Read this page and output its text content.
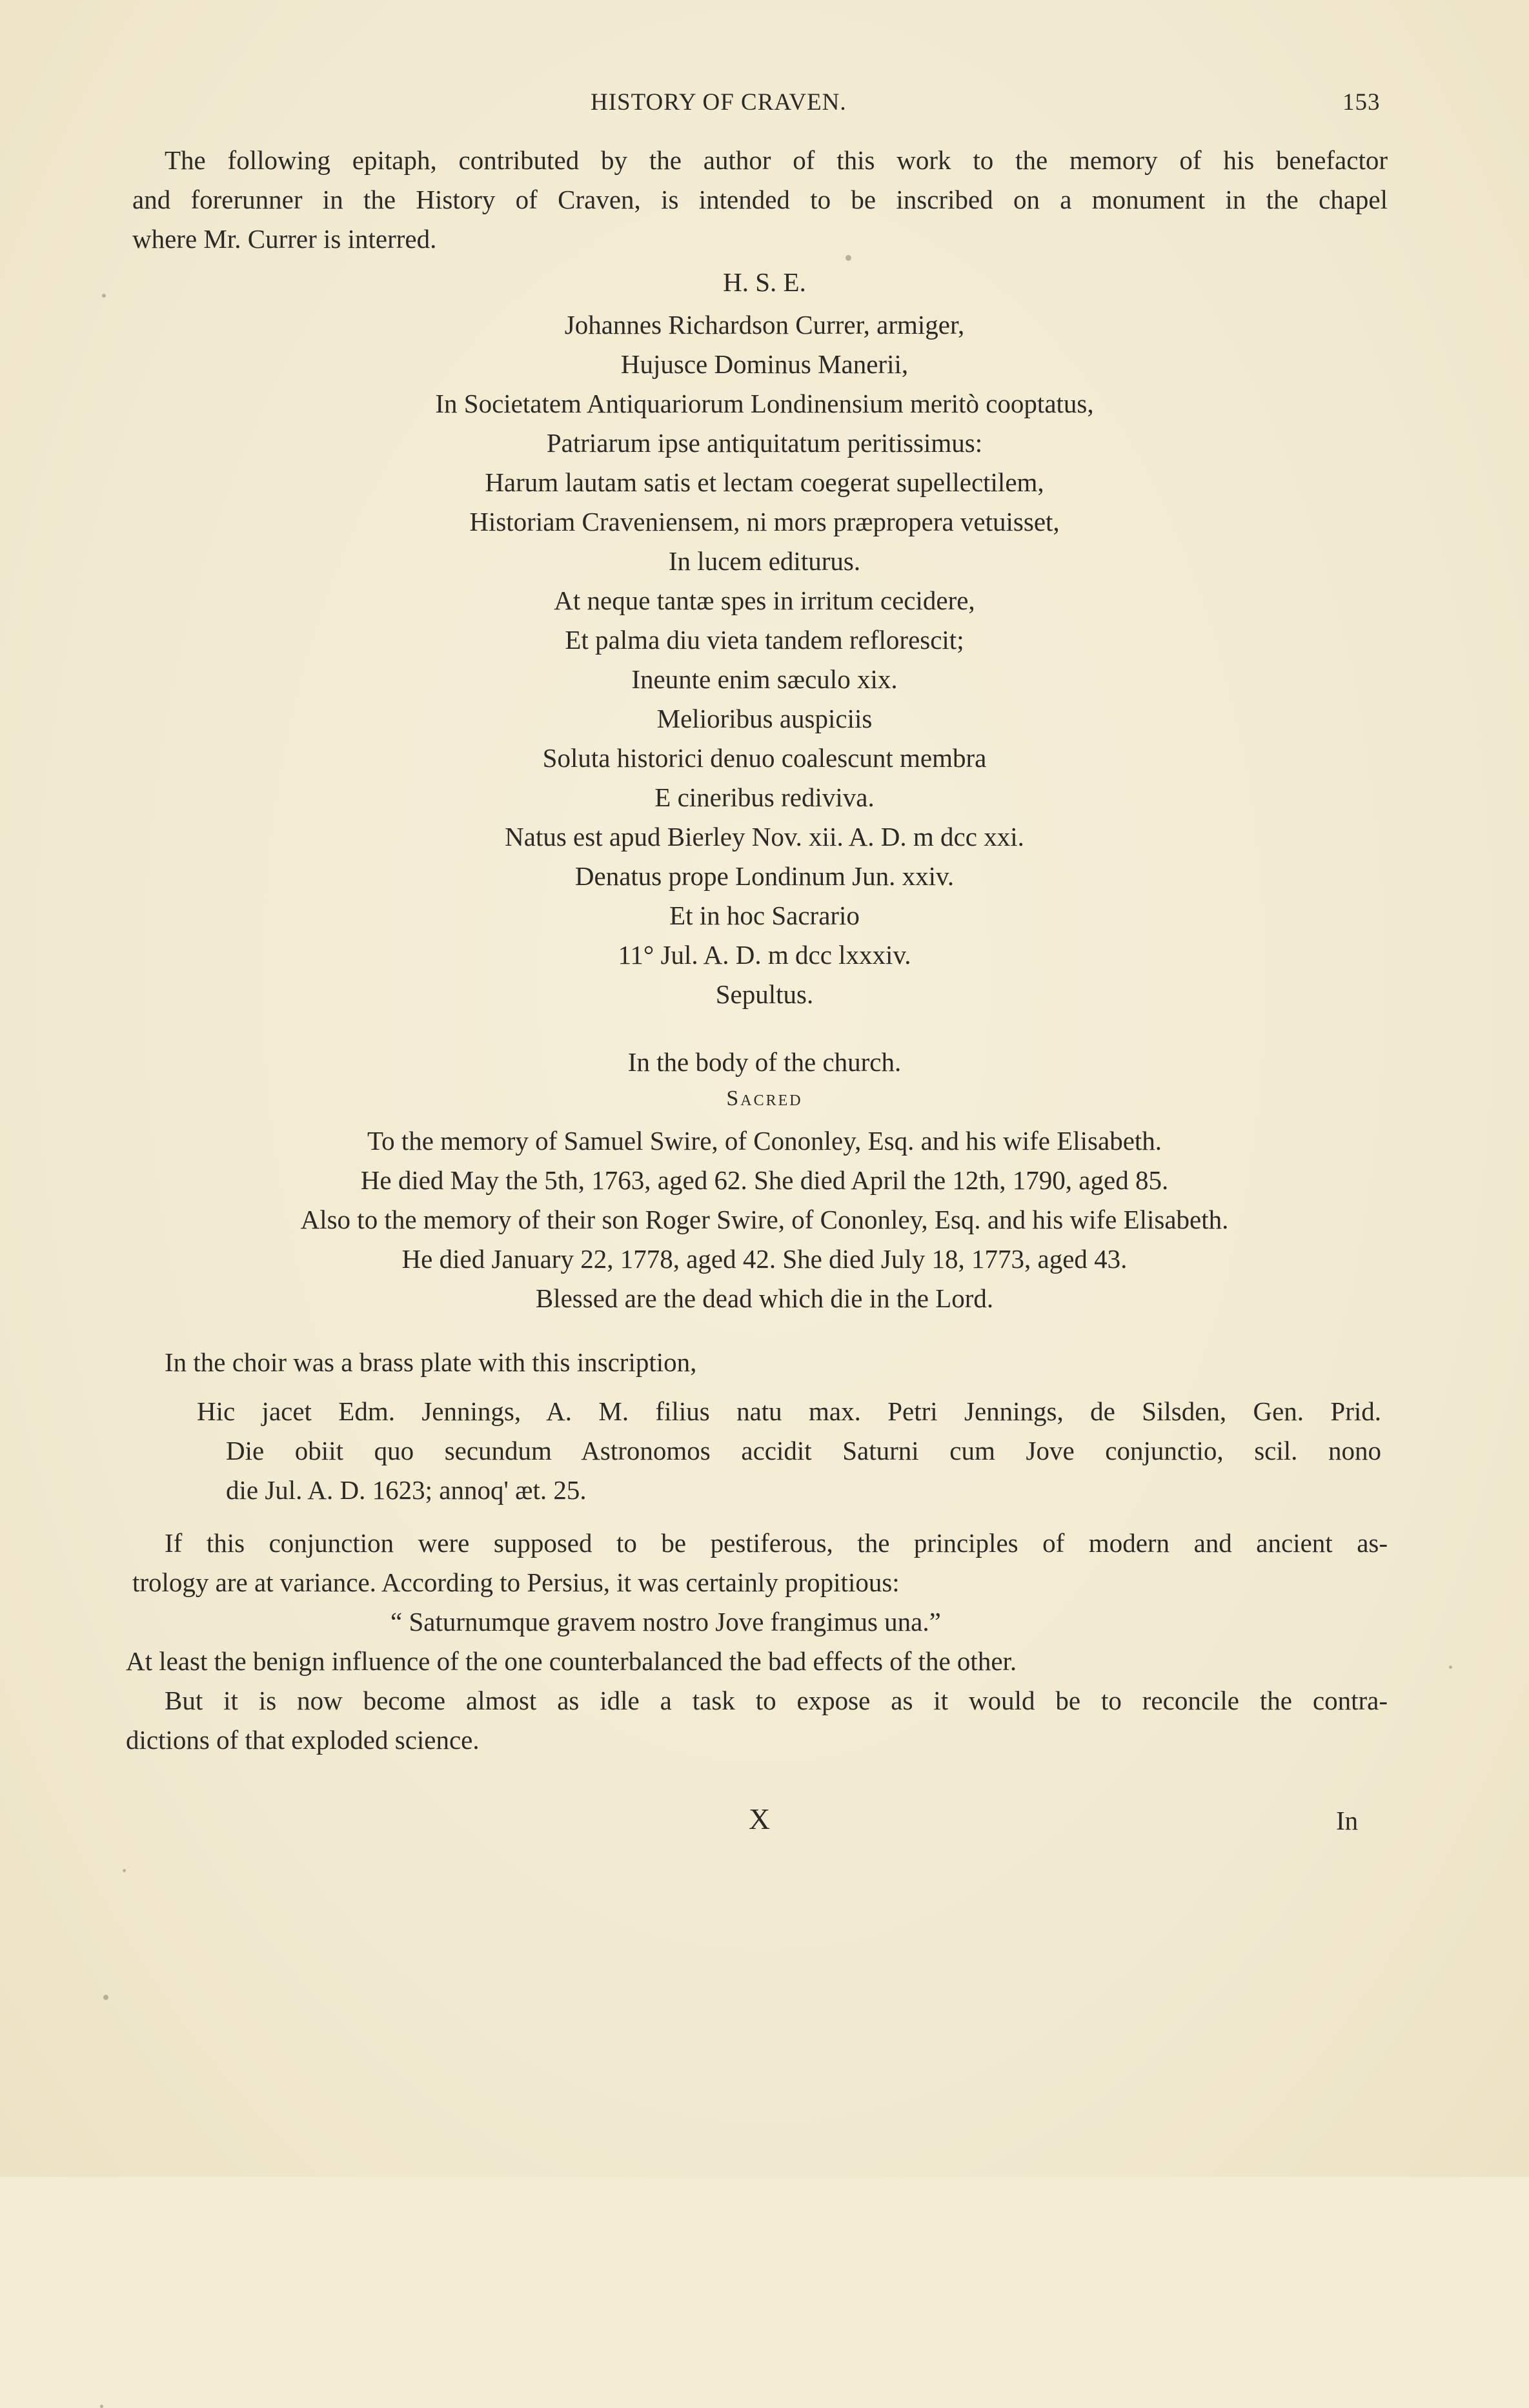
HISTORY OF CRAVEN.	153
The following epitaph, contributed by the author of this work to the memory of his benefactor
and forerunner in the History of Craven, is intended to be inscribed on a monument in the chapel
where Mr. Currer is interred.
H. S. E.
Johannes Richardson Currer, armiger,
Hujusce Dominus Manerii,
In Societatem Antiquariorum Londinensium meritò cooptatus,
Patriarum ipse antiquitatum peritissimus:
Harum lautam satis et lectam coegerat supellectilem,
Historiam Craveniensem, ni mors præpropera vetuisset,
In lucem editurus.
At neque tantæ spes in irritum cecidere,
Et palma diu vieta tandem reflorescit;
Ineunte enim sæculo xix.
Melioribus auspiciis
Soluta historici denuo coalescunt membra
E cineribus rediviva.
Natus est apud Bierley Nov. xii. A. D. m dcc xxi.
Denatus prope Londinum Jun. xxiv.
Et in hoc Sacrario
11° Jul. A. D. m dcc lxxxiv.
Sepultus.
In the body of the church.
Sacred
To the memory of Samuel Swire, of Cononley, Esq. and his wife Elisabeth.
He died May the 5th, 1763, aged 62. She died April the 12th, 1790, aged 85.
Also to the memory of their son Roger Swire, of Cononley, Esq. and his wife Elisabeth.
He died January 22, 1778, aged 42. She died July 18, 1773, aged 43.
Blessed are the dead which die in the Lord.
In the choir was a brass plate with this inscription,
Hic jacet Edm. Jennings, A. M. filius natu max. Petri Jennings, de Silsden, Gen. Prid.
Die obiit quo secundum Astronomos accidit Saturni cum Jove conjunctio, scil. nono
die Jul. A. D. 1623; annoq' æt. 25.
If this conjunction were supposed to be pestiferous, the principles of modern and ancient as-
trology are at variance. According to Persius, it was certainly propitious:
“ Saturnumque gravem nostro Jove frangimus una.”
At least the benign influence of the one counterbalanced the bad effects of the other.
But it is now become almost as idle a task to expose as it would be to reconcile the contra-
dictions of that exploded science.
X	In
